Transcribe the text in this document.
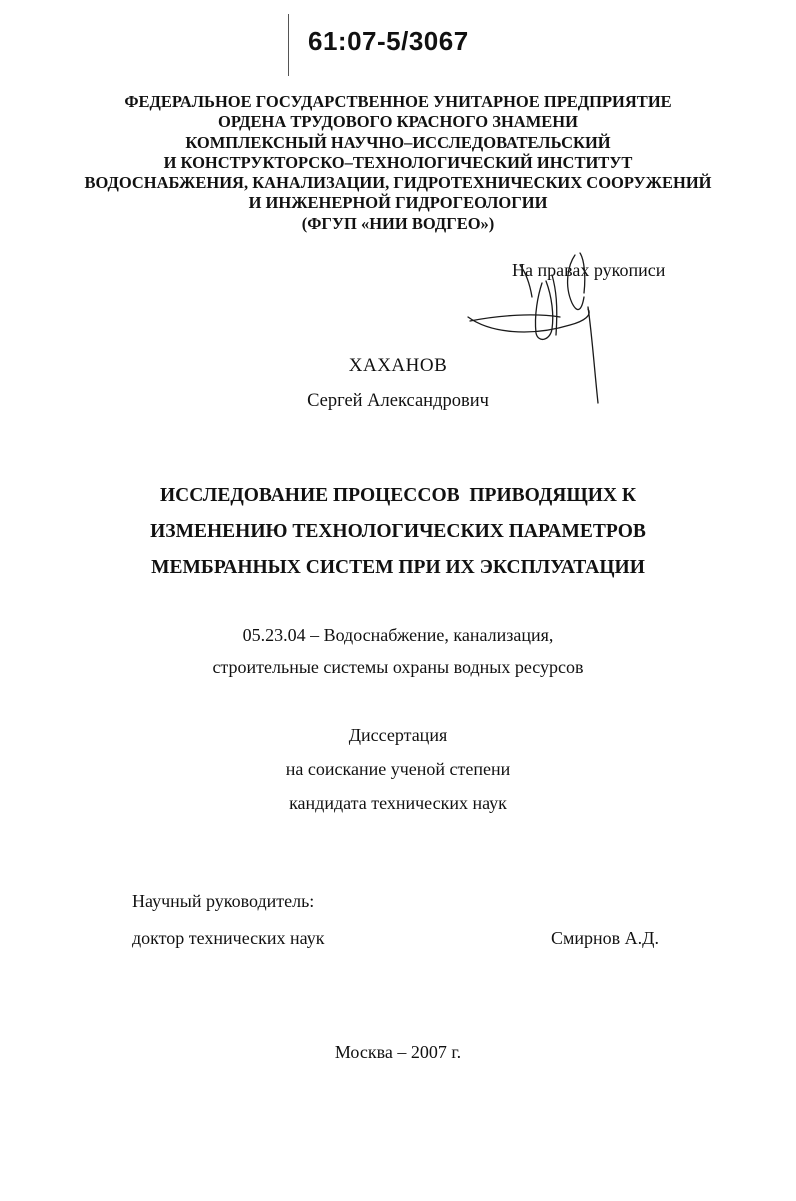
61:07-5/3067
ФЕДЕРАЛЬНОЕ ГОСУДАРСТВЕННОЕ УНИТАРНОЕ ПРЕДПРИЯТИЕ
ОРДЕНА ТРУДОВОГО КРАСНОГО ЗНАМЕНИ
КОМПЛЕКСНЫЙ НАУЧНО–ИССЛЕДОВАТЕЛЬСКИЙ
И КОНСТРУКТОРСКО–ТЕХНОЛОГИЧЕСКИЙ ИНСТИТУТ
ВОДОСНАБЖЕНИЯ, КАНАЛИЗАЦИИ, ГИДРОТЕХНИЧЕСКИХ СООРУЖЕНИЙ
И ИНЖЕНЕРНОЙ ГИДРОГЕОЛОГИИ
(ФГУП «НИИ ВОДГЕО»)
На правах рукописи
ХАХАНОВ
Сергей Александрович
ИССЛЕДОВАНИЕ ПРОЦЕССОВ  ПРИВОДЯЩИХ К
ИЗМЕНЕНИЮ ТЕХНОЛОГИЧЕСКИХ ПАРАМЕТРОВ
МЕМБРАННЫХ СИСТЕМ ПРИ ИХ ЭКСПЛУАТАЦИИ
05.23.04 – Водоснабжение, канализация,
строительные системы охраны водных ресурсов
Диссертация
на соискание ученой степени
кандидата технических наук
Научный руководитель:
доктор технических наук	Смирнов А.Д.
Москва – 2007 г.
